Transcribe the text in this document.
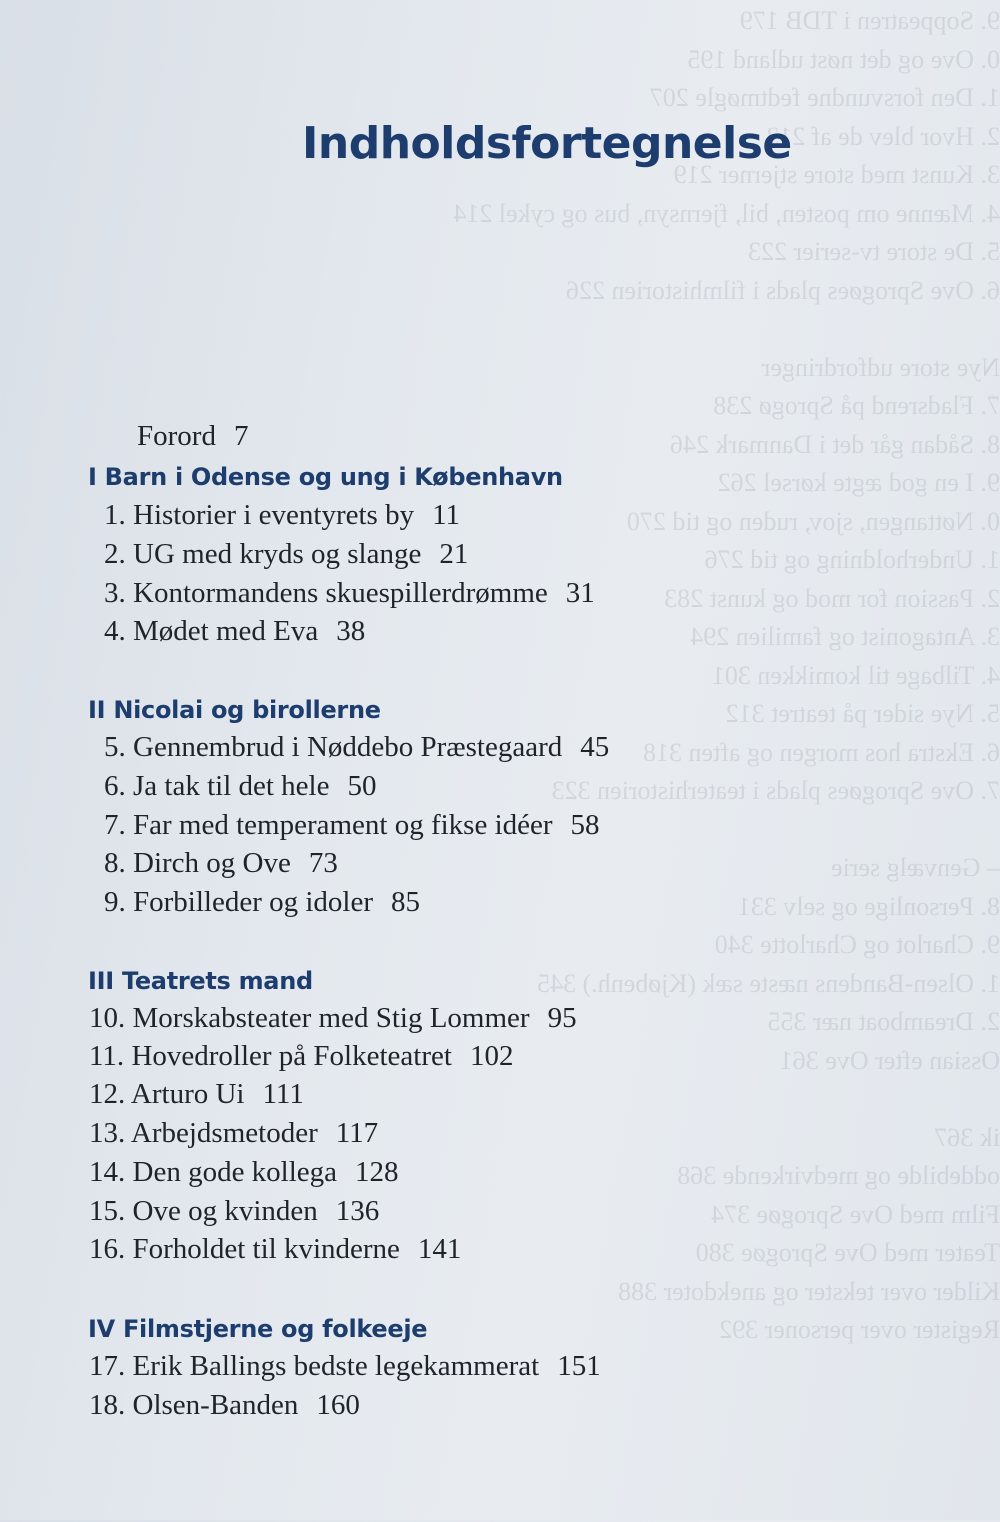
9. Soppeatren i TDB 179
0. Ove og det nøst udland 195
1. Den forsvundne fedtmøgle 207
2. Hvor blev de af 213
3. Kunst med store stjerner 219
4. Mænne om posten, bil, fjernsyn, bus og cykel 214
5. De store tv-serier 223
6. Ove Sprogøes plads i filmhistorien 226

Nye store udfordringer
7. Fladsrend på Sprogø 238
8. Sådan går det i Danmark 246
9. I en god ægte kørsel 262
0. Nøttangen, sjov, ruden og tid 270
1. Underholdning og tid 276
2. Passion for mod og kunst 283
3. Antagonist og familien 294
4. Tilbage til komikken 301
5. Nye sider på teatret 312
6. Ekstra hos morgen og aften 318
7. Ove Sprogøes plads i teaterhistorien 323

– Genvælg serie
8. Personlige og selv 331
9. Charlot og Charlotte 340
1. Olsen-Bandens næste sæk (Kjøbenh.) 345
2. Dreamboat nær 355
Ossian efter Ove 361

ik 367
oddebilde og medvirkende 368
Film med Ove Sprogøe 374
Teater med Ove Sprogøe 380
Kilder over tekster og anekdoter 388
Register over personer 392
Indholdsfortegnelse
Forord 7
I Barn i Odense og ung i København
1. Historier i eventyrets by 11
2. UG med kryds og slange 21
3. Kontormandens skuespillerdrømme 31
4. Mødet med Eva 38
II Nicolai og birollerne
5. Gennembrud i Nøddebo Præstegaard 45
6. Ja tak til det hele 50
7. Far med temperament og fikse idéer 58
8. Dirch og Ove 73
9. Forbilleder og idoler 85
III Teatrets mand
10. Morskabsteater med Stig Lommer 95
11. Hovedroller på Folketeatret 102
12. Arturo Ui 111
13. Arbejdsmetoder 117
14. Den gode kollega 128
15. Ove og kvinden 136
16. Forholdet til kvinderne 141
IV Filmstjerne og folkeeje
17. Erik Ballings bedste legekammerat 151
18. Olsen-Banden 160
